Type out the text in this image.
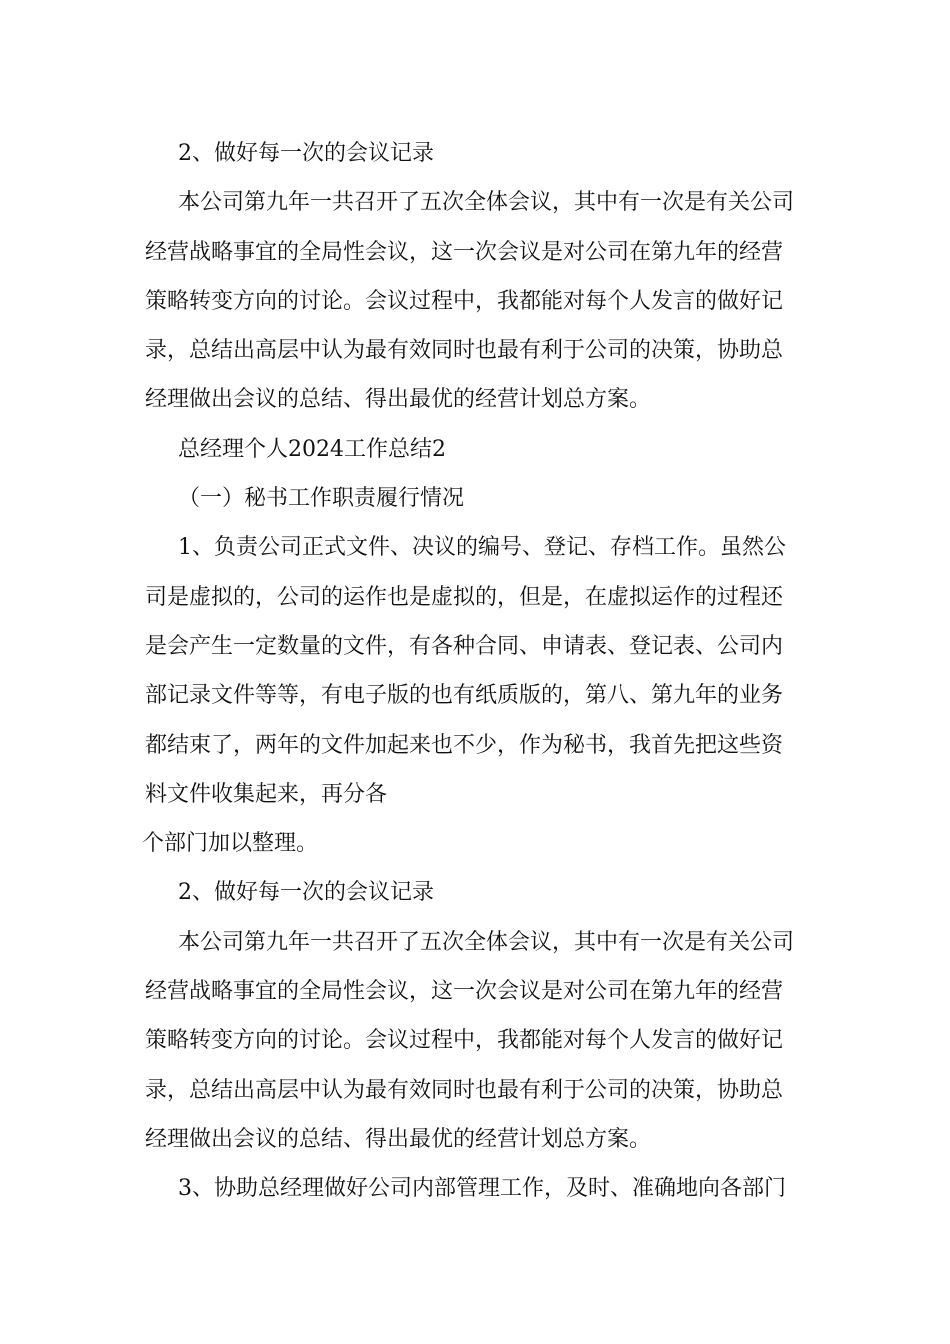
2、做好每一次的会议记录
本公司第九年一共召开了五次全体会议，其中有一次是有关公司
经营战略事宜的全局性会议，这一次会议是对公司在第九年的经营
策略转变方向的讨论。会议过程中，我都能对每个人发言的做好记
录，总结出高层中认为最有效同时也最有利于公司的决策，协助总
经理做出会议的总结、得出最优的经营计划总方案。
总经理个人2024工作总结2
（一）秘书工作职责履行情况
1、负责公司正式文件、决议的编号、登记、存档工作。虽然公
司是虚拟的，公司的运作也是虚拟的，但是，在虚拟运作的过程还
是会产生一定数量的文件，有各种合同、申请表、登记表、公司内
部记录文件等等，有电子版的也有纸质版的，第八、第九年的业务
都结束了，两年的文件加起来也不少，作为秘书，我首先把这些资
料文件收集起来，再分各
个部门加以整理。
2、做好每一次的会议记录
本公司第九年一共召开了五次全体会议，其中有一次是有关公司
经营战略事宜的全局性会议，这一次会议是对公司在第九年的经营
策略转变方向的讨论。会议过程中，我都能对每个人发言的做好记
录，总结出高层中认为最有效同时也最有利于公司的决策，协助总
经理做出会议的总结、得出最优的经营计划总方案。
3、协助总经理做好公司内部管理工作，及时、准确地向各部门
